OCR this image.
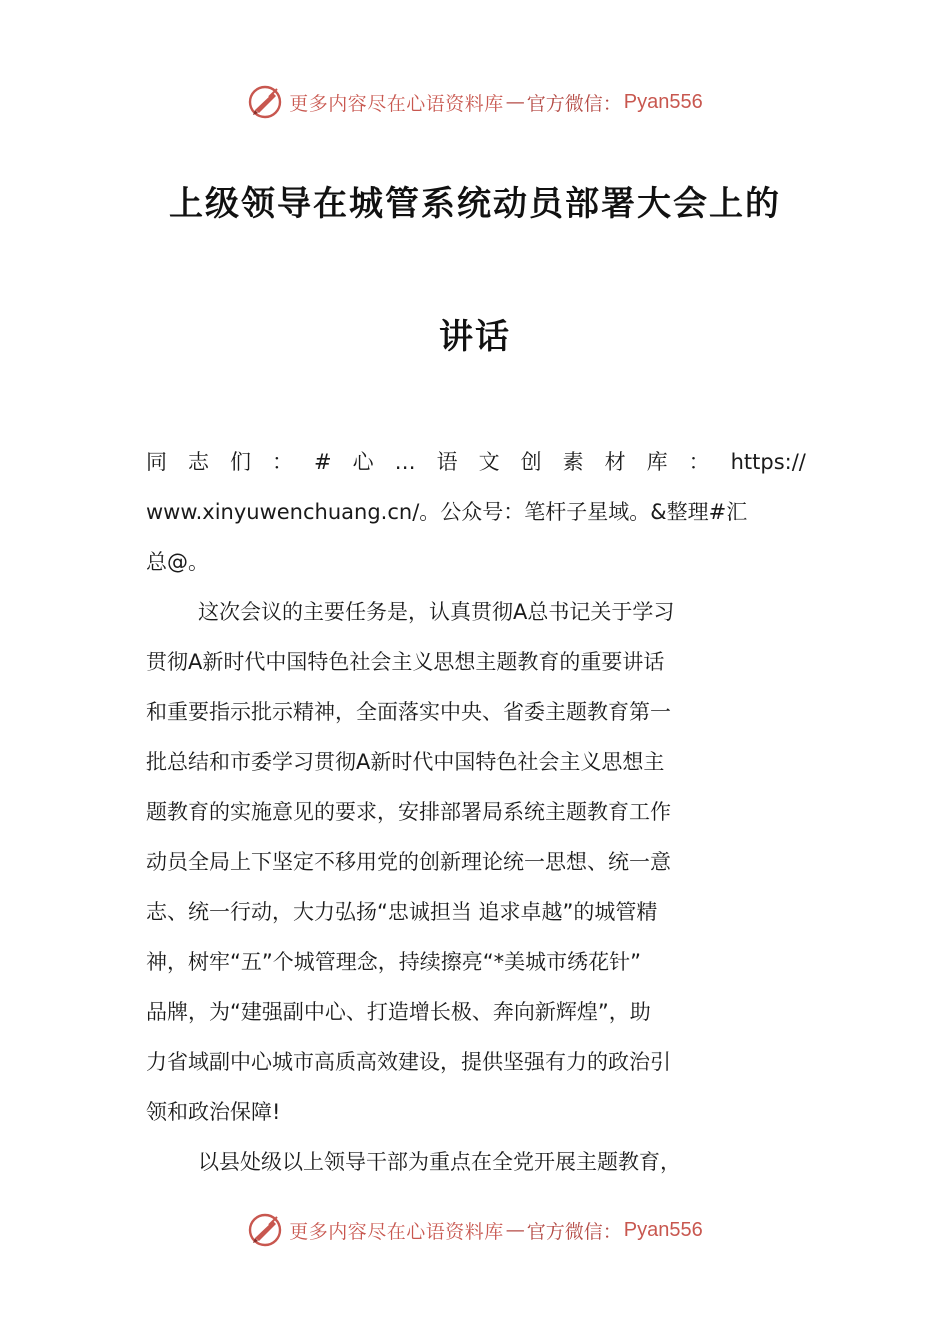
更多内容尽在心语资料库 — 官方微信： Pyan556
上级领导在城管系统动员部署大会上的
讲话
同 志 们 ： # 心 … 语 文 创 素 材 库 ： https://
www.xinyuwenchuang.cn/。公众号：笔杆子星域。&整理#汇
总@。
这次会议的主要任务是，认真贯彻A总书记关于学习
贯彻A新时代中国特色社会主义思想主题教育的重要讲话
和重要指示批示精神，全面落实中央、省委主题教育第一
批总结和市委学习贯彻A新时代中国特色社会主义思想主
题教育的实施意见的要求，安排部署局系统主题教育工作
动员全局上下坚定不移用党的创新理论统一思想、统一意
志、统一行动，大力弘扬“忠诚担当 追求卓越”的城管精
神，树牢“五”个城管理念，持续擦亮“*美城市绣花针”
品牌，为“建强副中心、打造增长极、奔向新辉煌”，助
力省域副中心城市高质高效建设，提供坚强有力的政治引
领和政治保障!
以县处级以上领导干部为重点在全党开展主题教育，
更多内容尽在心语资料库 — 官方微信： Pyan556
